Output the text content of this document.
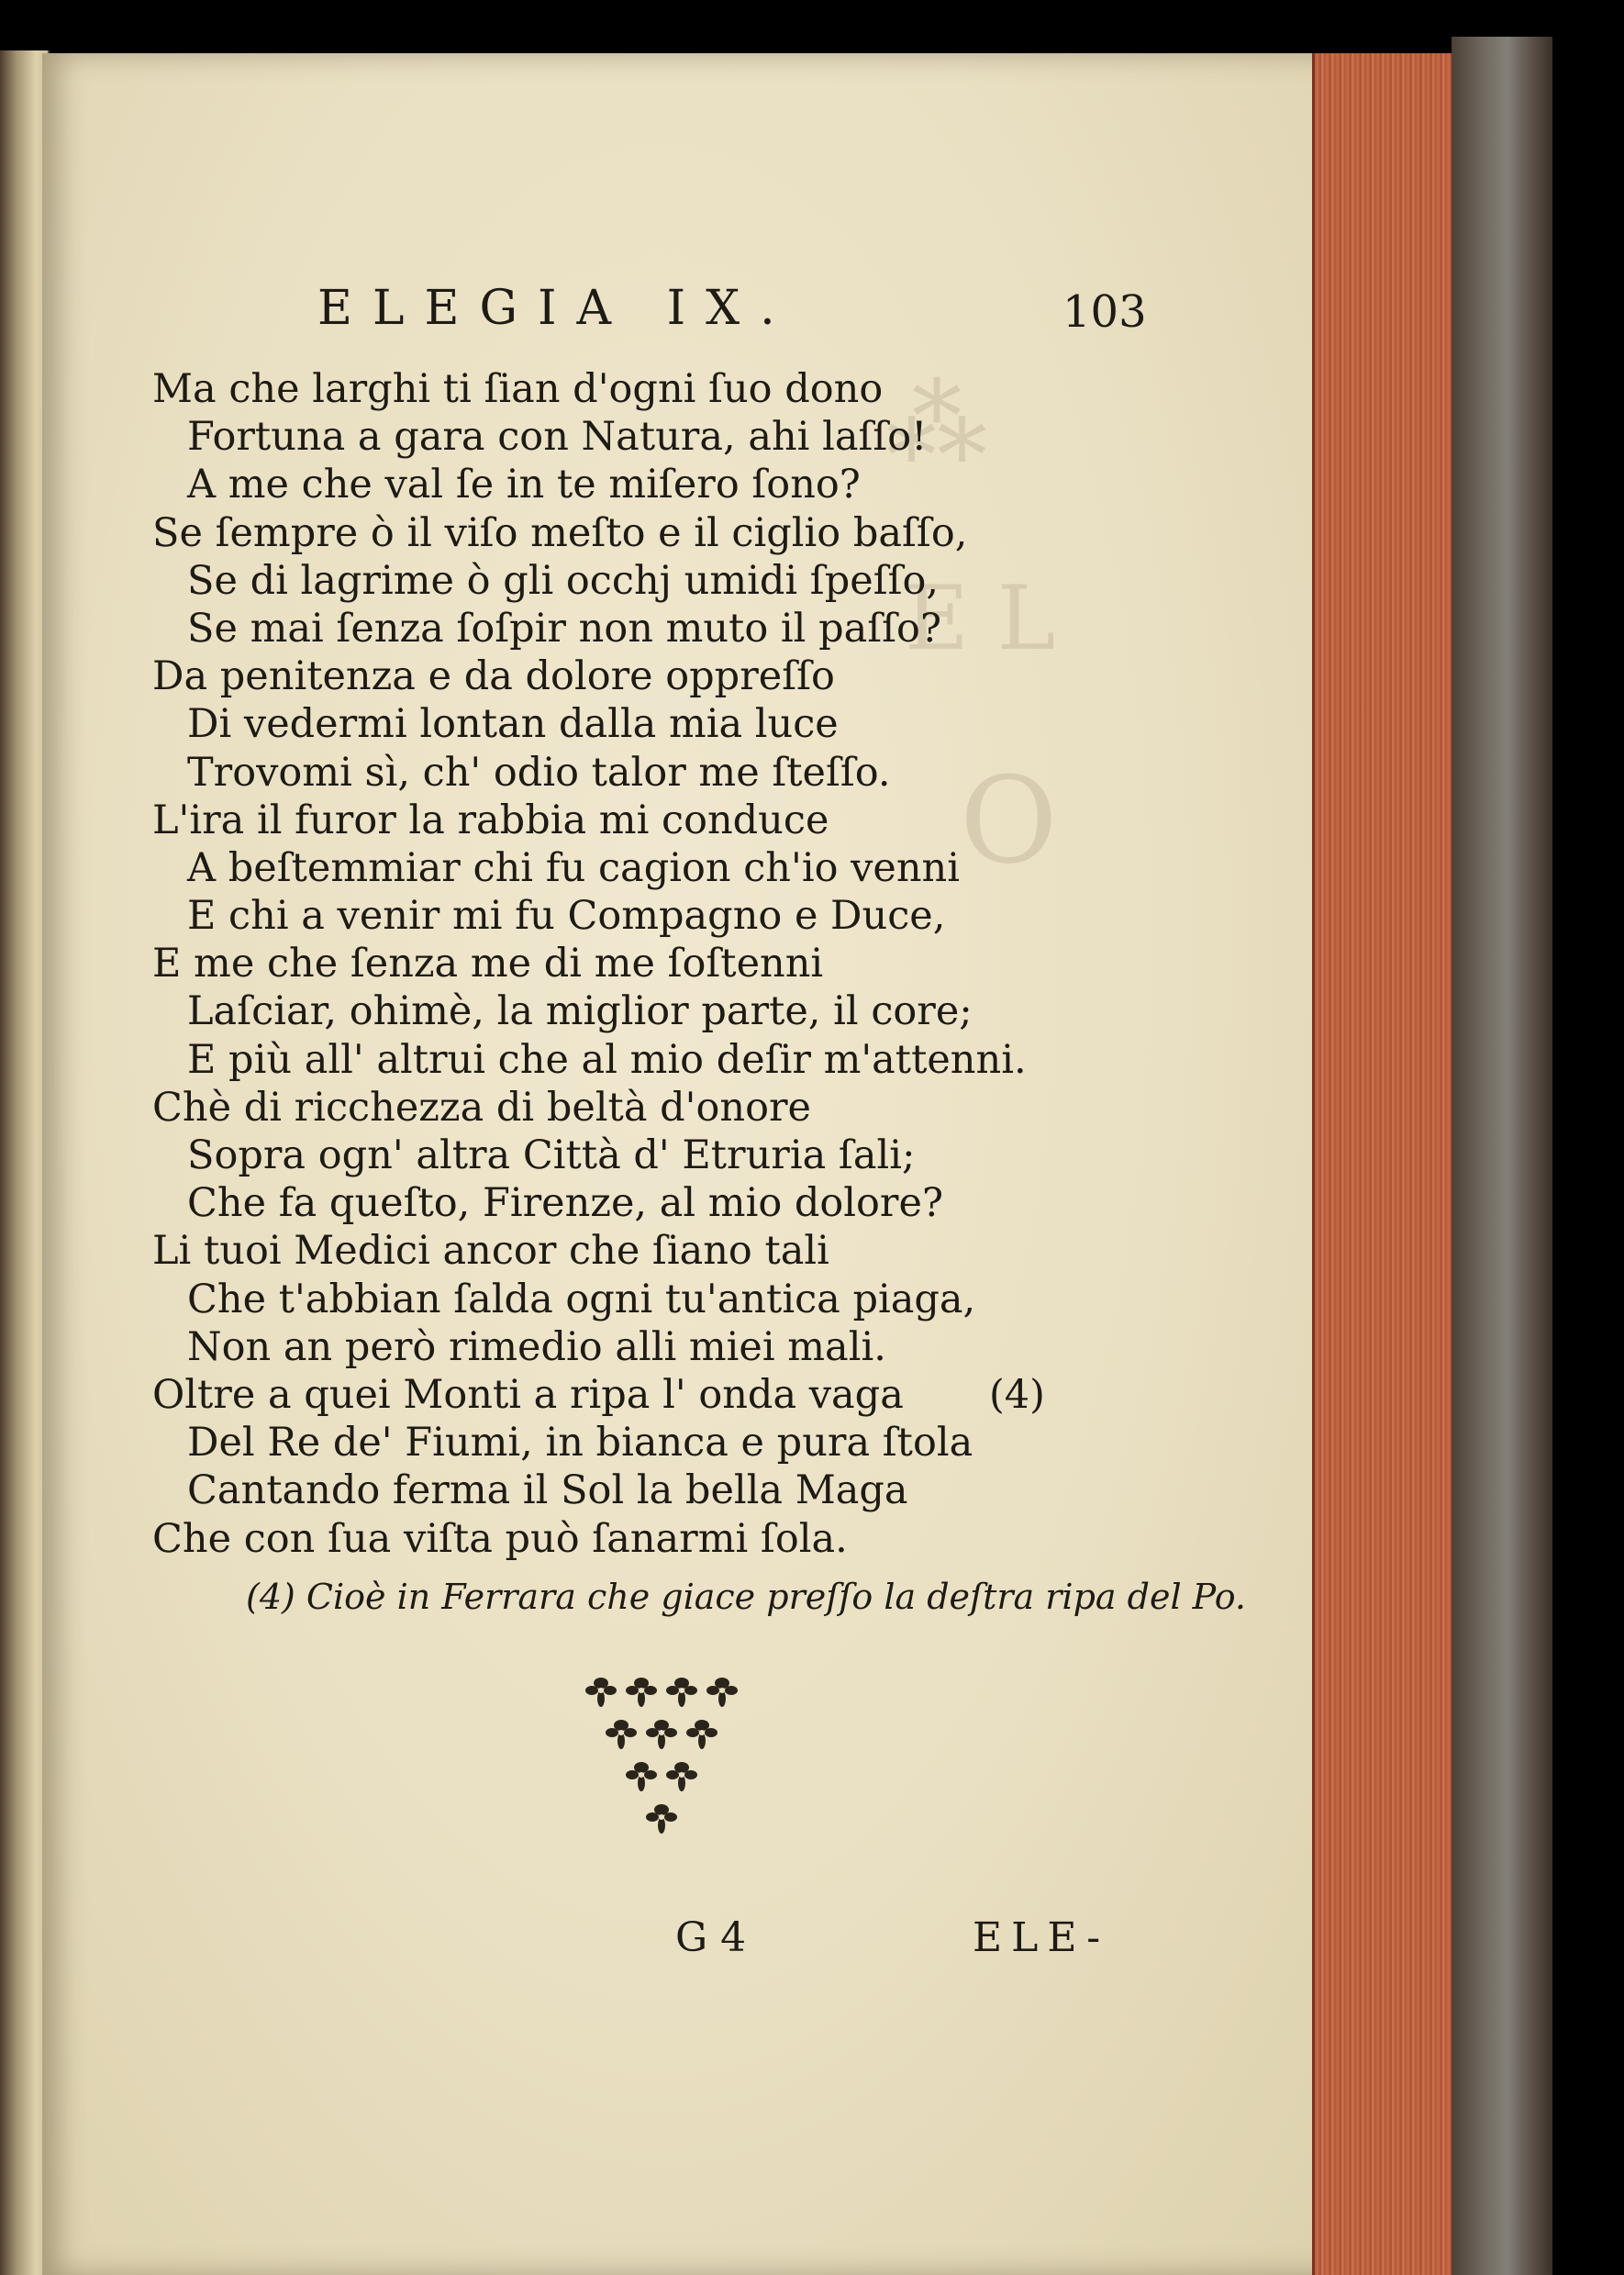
⁂
E L
O
ELEGIA IX.	103
Ma che larghi ti ſian d'ogni ſuo dono
Fortuna a gara con Natura, ahi laſſo!
A me che val ſe in te miſero ſono?
Se ſempre ò il viſo meſto e il ciglio baſſo,
Se di lagrime ò gli occhj umidi ſpeſſo,
Se mai ſenza ſoſpir non muto il paſſo?
Da penitenza e da dolore oppreſſo
Di vedermi lontan dalla mia luce
Trovomi sì, ch' odio talor me ſteſſo.
L'ira il furor la rabbia mi conduce
A beſtemmiar chi fu cagion ch'io venni
E chi a venir mi fu Compagno e Duce,
E me che ſenza me di me ſoſtenni
Laſciar, ohimè, la miglior parte, il core;
E più all' altrui che al mio deſir m'attenni.
Chè di ricchezza di beltà d'onore
Sopra ogn' altra Città d' Etruria ſali;
Che fa queſto, Firenze, al mio dolore?
Li tuoi Medici ancor che ſiano tali
Che t'abbian ſalda ogni tu'antica piaga,
Non an però rimedio alli miei mali.
Oltre a quei Monti a ripa l' onda vaga (4)
Del Re de' Fiumi, in bianca e pura ſtola
Cantando ferma il Sol la bella Maga
Che con ſua viſta può ſanarmi ſola.
(4) Cioè in Ferrara che giace preſſo la deſtra ripa del Po.
G 4	ELE-
